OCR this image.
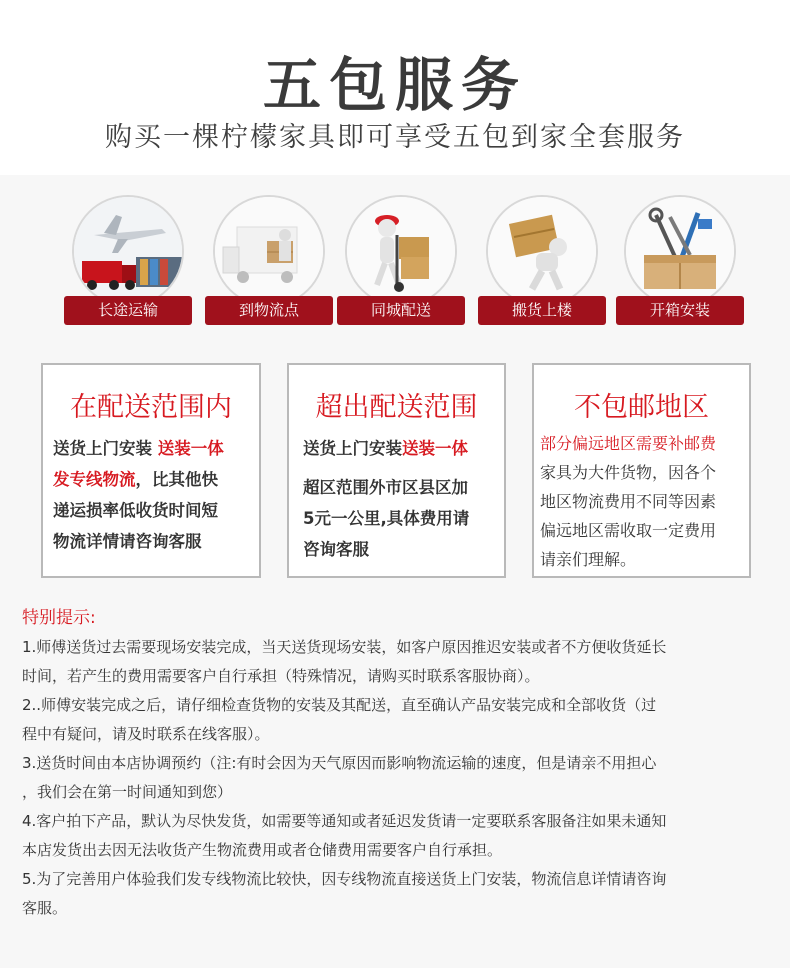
五包服务
购买一棵柠檬家具即可享受五包到家全套服务
长途运输	到物流点	同城配送	搬货上楼	开箱安装
在配送范围内
送货上门安装 送装一体
发专线物流，比其他快
递运损率低收货时间短
物流详情请咨询客服
超出配送范围
送货上门安装送装一体
超区范围外市区县区加
5元一公里,具体费用请
咨询客服
不包邮地区
部分偏远地区需要补邮费
家具为大件货物，因各个
地区物流费用不同等因素
偏远地区需收取一定费用
请亲们理解。
特别提示:
1.师傅送货过去需要现场安装完成，当天送货现场安装，如客户原因推迟安装或者不方便收货延长
时间，若产生的费用需要客户自行承担（特殊情况，请购买时联系客服协商）。
2..师傅安装完成之后，请仔细检查货物的安装及其配送，直至确认产品安装完成和全部收货（过
程中有疑问，请及时联系在线客服）。
3.送货时间由本店协调预约（注:有时会因为天气原因而影响物流运输的速度，但是请亲不用担心
，我们会在第一时间通知到您）
4.客户拍下产品，默认为尽快发货，如需要等通知或者延迟发货请一定要联系客服备注如果未通知
本店发货出去因无法收货产生物流费用或者仓储费用需要客户自行承担。
5.为了完善用户体验我们发专线物流比较快，因专线物流直接送货上门安装，物流信息详情请咨询
客服。
